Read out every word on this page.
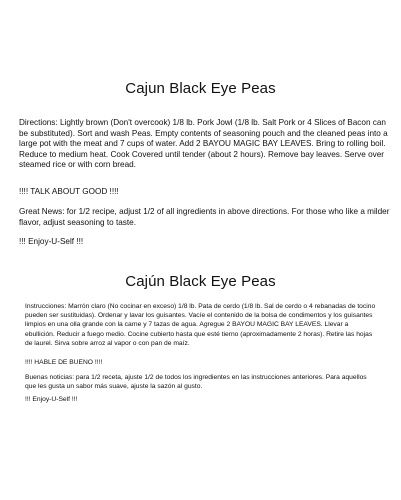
Cajun Black Eye Peas

Directions: Lightly brown (Don't overcook) 1/8 lb. Pork Jowl (1/8 lb. Salt Pork or 4 Slices of Bacon can be substituted). Sort and wash Peas. Empty contents of seasoning pouch and the cleaned peas into a large pot with the meat and 7 cups of water. Add 2 BAYOU MAGIC BAY LEAVES. Bring to rolling boil. Reduce to medium heat. Cook Covered until tender (about 2 hours). Remove bay leaves. Serve over steamed rice or with corn bread.

!!!! TALK ABOUT GOOD !!!!

Great News: for 1/2 recipe, adjust 1/2 of all ingredients in above directions. For those who like a milder flavor, adjust seasoning to taste.

!!! Enjoy-U-Self !!!

Cajún Black Eye Peas

Instrucciones: Marrón claro (No cocinar en exceso) 1/8 lb. Pata de cerdo (1/8 lb. Sal de cerdo o 4 rebanadas de tocino pueden ser sustituidas). Ordenar y lavar los guisantes. Vacíe el contenido de la bolsa de condimentos y los guisantes limpios en una olla grande con la carne y 7 tazas de agua. Agregue 2 BAYOU MAGIC BAY LEAVES. Llevar a ebullición. Reducir a fuego medio. Cocine cubierto hasta que esté tierno (aproximadamente 2 horas). Retire las hojas de laurel. Sirva sobre arroz al vapor o con pan de maíz.

!!!! HABLE DE BUENO !!!!

Buenas noticias: para 1/2 receta, ajuste 1/2 de todos los ingredientes en las instrucciones anteriores. Para aquellos que les gusta un sabor más suave, ajuste la sazón al gusto.

!!! Enjoy-U-Self !!!
